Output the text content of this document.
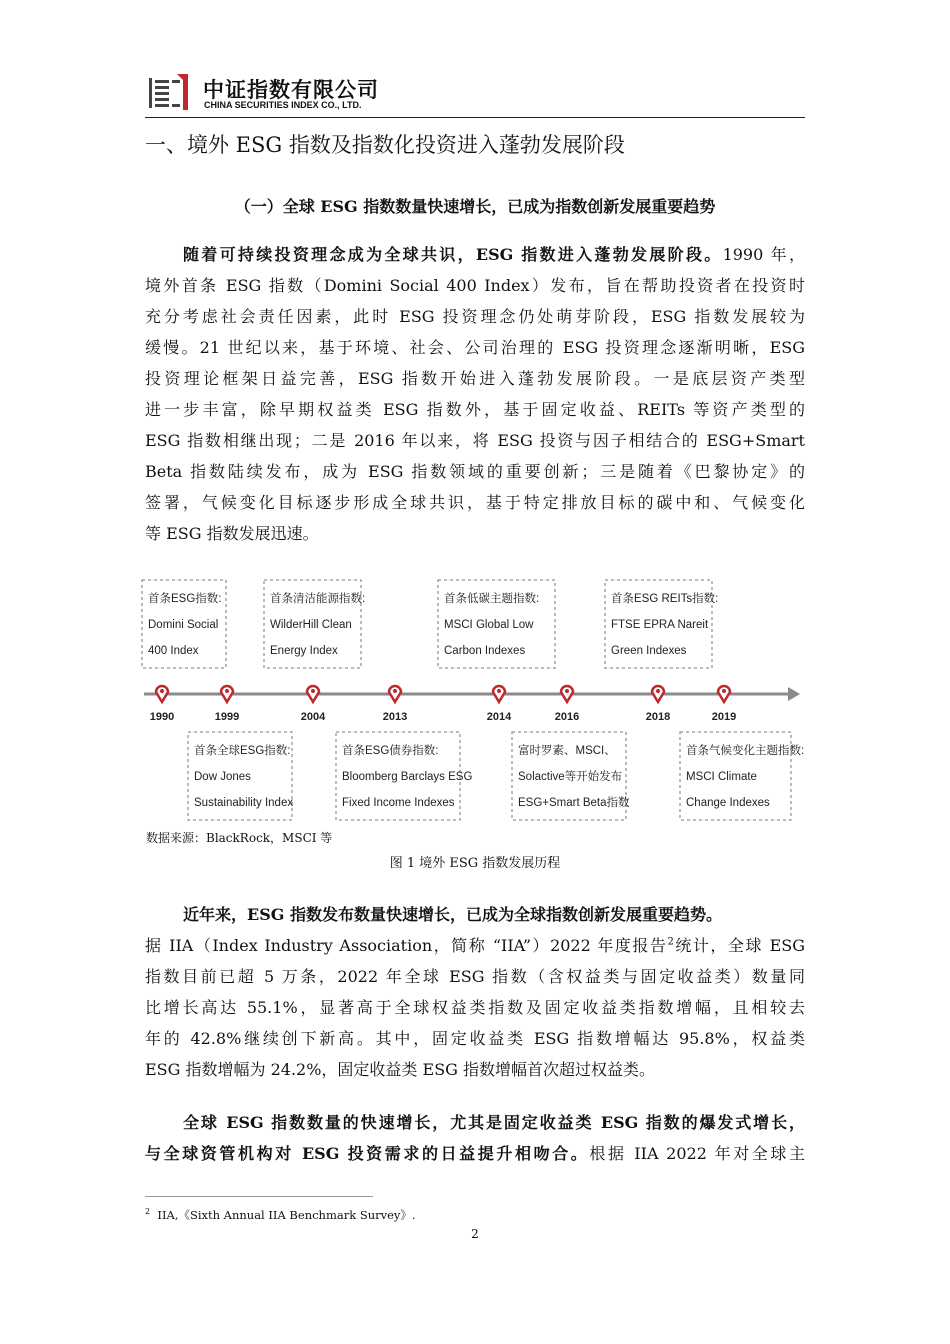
中证指数有限公司
CHINA SECURITIES INDEX CO., LTD.
一、境外 ESG 指数及指数化投资进入蓬勃发展阶段
（一）全球 ESG 指数数量快速增长，已成为指数创新发展重要趋势
随着可持续投资理念成为全球共识，ESG 指数进入蓬勃发展阶段。1990 年，
境外首条 ESG 指数（Domini Social 400 Index）发布，旨在帮助投资者在投资时
充分考虑社会责任因素，此时 ESG 投资理念仍处萌芽阶段，ESG 指数发展较为
缓慢。21 世纪以来，基于环境、社会、公司治理的 ESG 投资理念逐渐明晰，ESG
投资理论框架日益完善，ESG 指数开始进入蓬勃发展阶段。一是底层资产类型
进一步丰富，除早期权益类 ESG 指数外，基于固定收益、REITs 等资产类型的
ESG 指数相继出现；二是 2016 年以来，将 ESG 投资与因子相结合的 ESG+Smart
Beta 指数陆续发布，成为 ESG 指数领域的重要创新；三是随着《巴黎协定》的
签署，气候变化目标逐步形成全球共识，基于特定排放目标的碳中和、气候变化
等 ESG 指数发展迅速。
首条ESG指数:
Domini Social
400 Index
首条清洁能源指数:
WilderHill Clean
Energy Index
首条低碳主题指数:
MSCI Global Low
Carbon Indexes
首条ESG REITs指数:
FTSE EPRA Nareit
Green Indexes
首条全球ESG指数:
Dow Jones
Sustainability Index
首条ESG债券指数:
Bloomberg Barclays ESG
Fixed Income Indexes
富时罗素、MSCI、
Solactive等开始发布
ESG+Smart Beta指数
首条气候变化主题指数:
MSCI Climate
Change Indexes
1990	1999	2004	2013	2014	2016	2018	2019
数据来源：BlackRock，MSCI 等
图 1 境外 ESG 指数发展历程
近年来，ESG 指数发布数量快速增长，已成为全球指数创新发展重要趋势。
据 IIA（Index Industry Association，简称 “IIA”）2022 年度报告$^2$统计，全球 ESG
指数目前已超 5 万条，2022 年全球 ESG 指数（含权益类与固定收益类）数量同
比增长高达 55.1%，显著高于全球权益类指数及固定收益类指数增幅，且相较去
年的 42.8%继续创下新高。其中，固定收益类 ESG 指数增幅达 95.8%，权益类
ESG 指数增幅为 24.2%，固定收益类 ESG 指数增幅首次超过权益类。
全球 ESG 指数数量的快速增长，尤其是固定收益类 ESG 指数的爆发式增长，
与全球资管机构对 ESG 投资需求的日益提升相吻合。根据 IIA 2022 年对全球主
$^2$ IIA,《Sixth Annual IIA Benchmark Survey》.
2
